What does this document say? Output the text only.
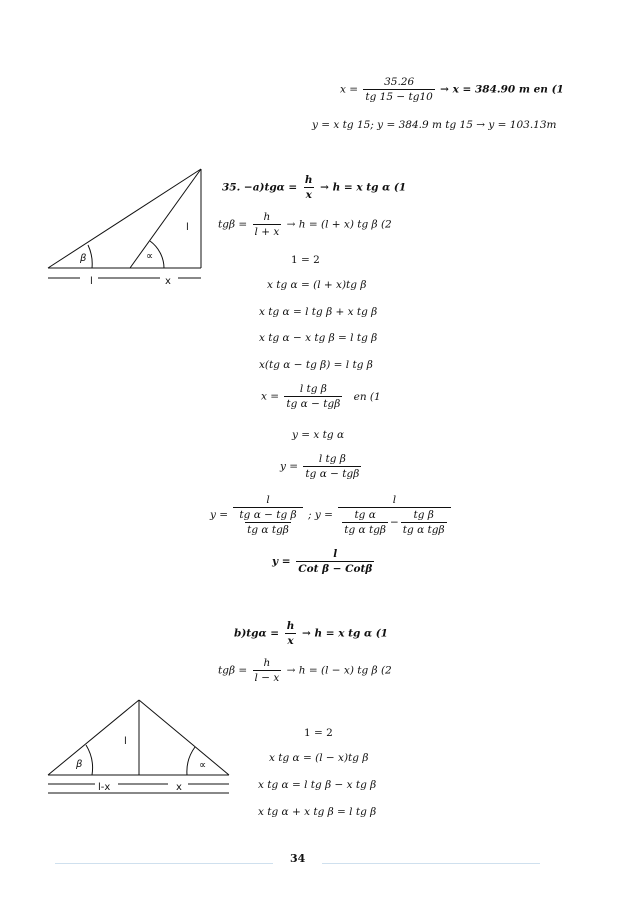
$x = \frac{35.26}{tg 15 - tg10} \to x = 384.90$ m en (1
y = x tg 15; y = 384.9 m tg 15 → y = 103.13m
β	∝
l
l	x
35. $-a)tg\alpha = \frac{h}{x} \to h = x$ tg α (1
$tg\beta = \frac{h}{l + x} \to h = (l + x)$ tg β (2
1 = 2
x tg α = (l + x)tg β
x tg α = l tg β + x tg β
x tg α − x tg β = l tg β
x(tg α − tg β) = l tg β
$x = \frac{\text{l tg β}}{\text{tg α − tgβ}}$ en (1
y = x tg α
$y = \frac{\text{l tg β}}{\text{tg α − tgβ}}$
$y = \frac{l}{\frac{\text{tg α − tg β}}{\text{tg α tgβ}}}$ ; $y = \frac{l}{\frac{\text{tg α}}{\text{tg α tgβ}} - \frac{\text{tg β}}{\text{tg α tgβ}}}$
$y = \frac{l}{\text{Cot β − Cotβ}}$
$b)tg\alpha = \frac{h}{x} \to h = x$ tg α (1
$tg\beta = \frac{h}{l - x} \to h = (l - x)$ tg β (2
1 = 2
x tg α = (l − x)tg β
x tg α = l tg β − x tg β
x tg α + x tg β = l tg β
β	∝
l
l-x	x
34
